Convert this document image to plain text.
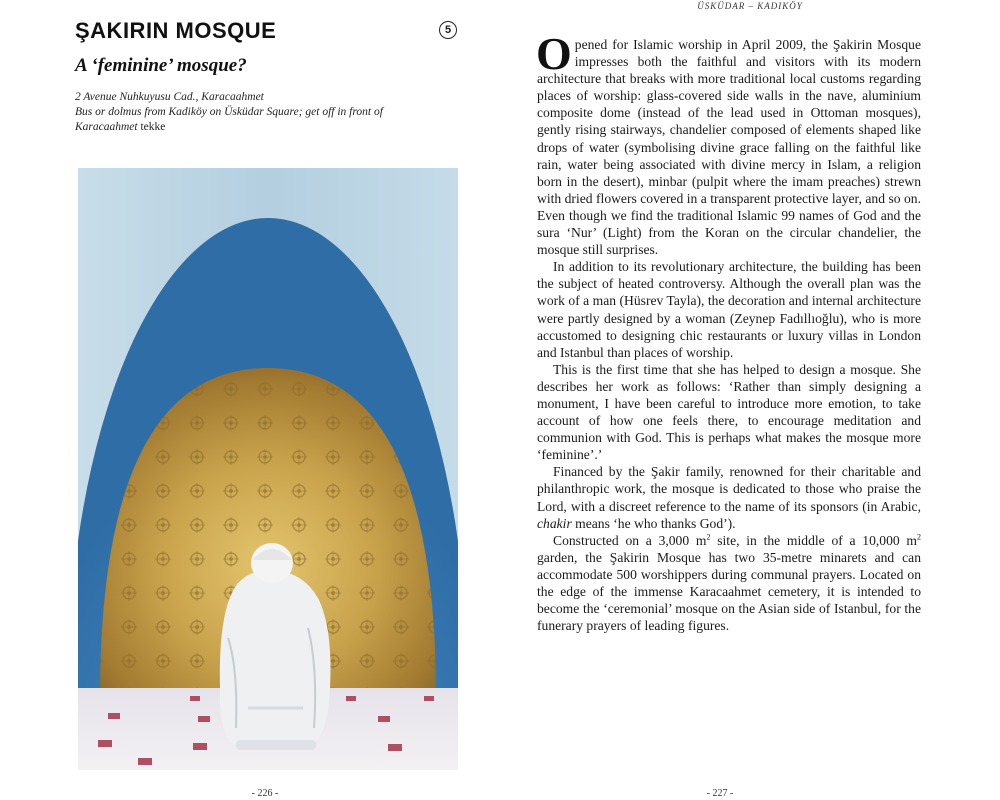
ŞAKIRIN MOSQUE	5
A ‘feminine’ mosque?
2 Avenue Nuhkuyusu Cad., Karacaahmet
Bus or dolmus from Kadiköy on Üsküdar Square; get off in front of
Karacaahmet tekke
- 226 -
ÜSKÜDAR – KADIKÖY

Opened for Islamic worship in April 2009, the Şakirin Mosque impresses both the faithful and visitors with its modern architecture that breaks with more traditional local customs regarding places of worship: glass-covered side walls in the nave, aluminium composite dome (instead of the lead used in Ottoman mosques), gently rising stairways, chandelier composed of elements shaped like drops of water (symbolising divine grace falling on the faithful like rain, water being associated with divine mercy in Islam, a religion born in the desert), minbar (pulpit where the imam preaches) strewn with dried flowers covered in a transparent protective layer, and so on. Even though we find the traditional Islamic 99 names of God and the sura ‘Nur’ (Light) from the Koran on the circular chandelier, the mosque still surprises.

In addition to its revolutionary architecture, the building has been the subject of heated controversy. Although the overall plan was the work of a man (Hüsrev Tayla), the decoration and internal architecture were partly designed by a woman (Zeynep Fadıllıoğlu), who is more accustomed to designing chic restaurants or luxury villas in London and Istanbul than places of worship.

This is the first time that she has helped to design a mosque. She describes her work as follows: ‘Rather than simply designing a monument, I have been careful to introduce more emotion, to take account of how one feels there, to encourage meditation and communion with God. This is perhaps what makes the mosque more ‘feminine’.’

Financed by the Şakir family, renowned for their charitable and philanthropic work, the mosque is dedicated to those who praise the Lord, with a discreet reference to the name of its sponsors (in Arabic, chakir means ‘he who thanks God’).

Constructed on a 3,000 $m^2$ site, in the middle of a 10,000 $m^2$ garden, the Şakirin Mosque has two 35-metre minarets and can accommodate 500 worshippers during communal prayers. Located on the edge of the immense Karacaahmet cemetery, it is intended to become the ‘ceremonial’ mosque on the Asian side of Istanbul, for the funerary prayers of leading figures.

- 227 -
